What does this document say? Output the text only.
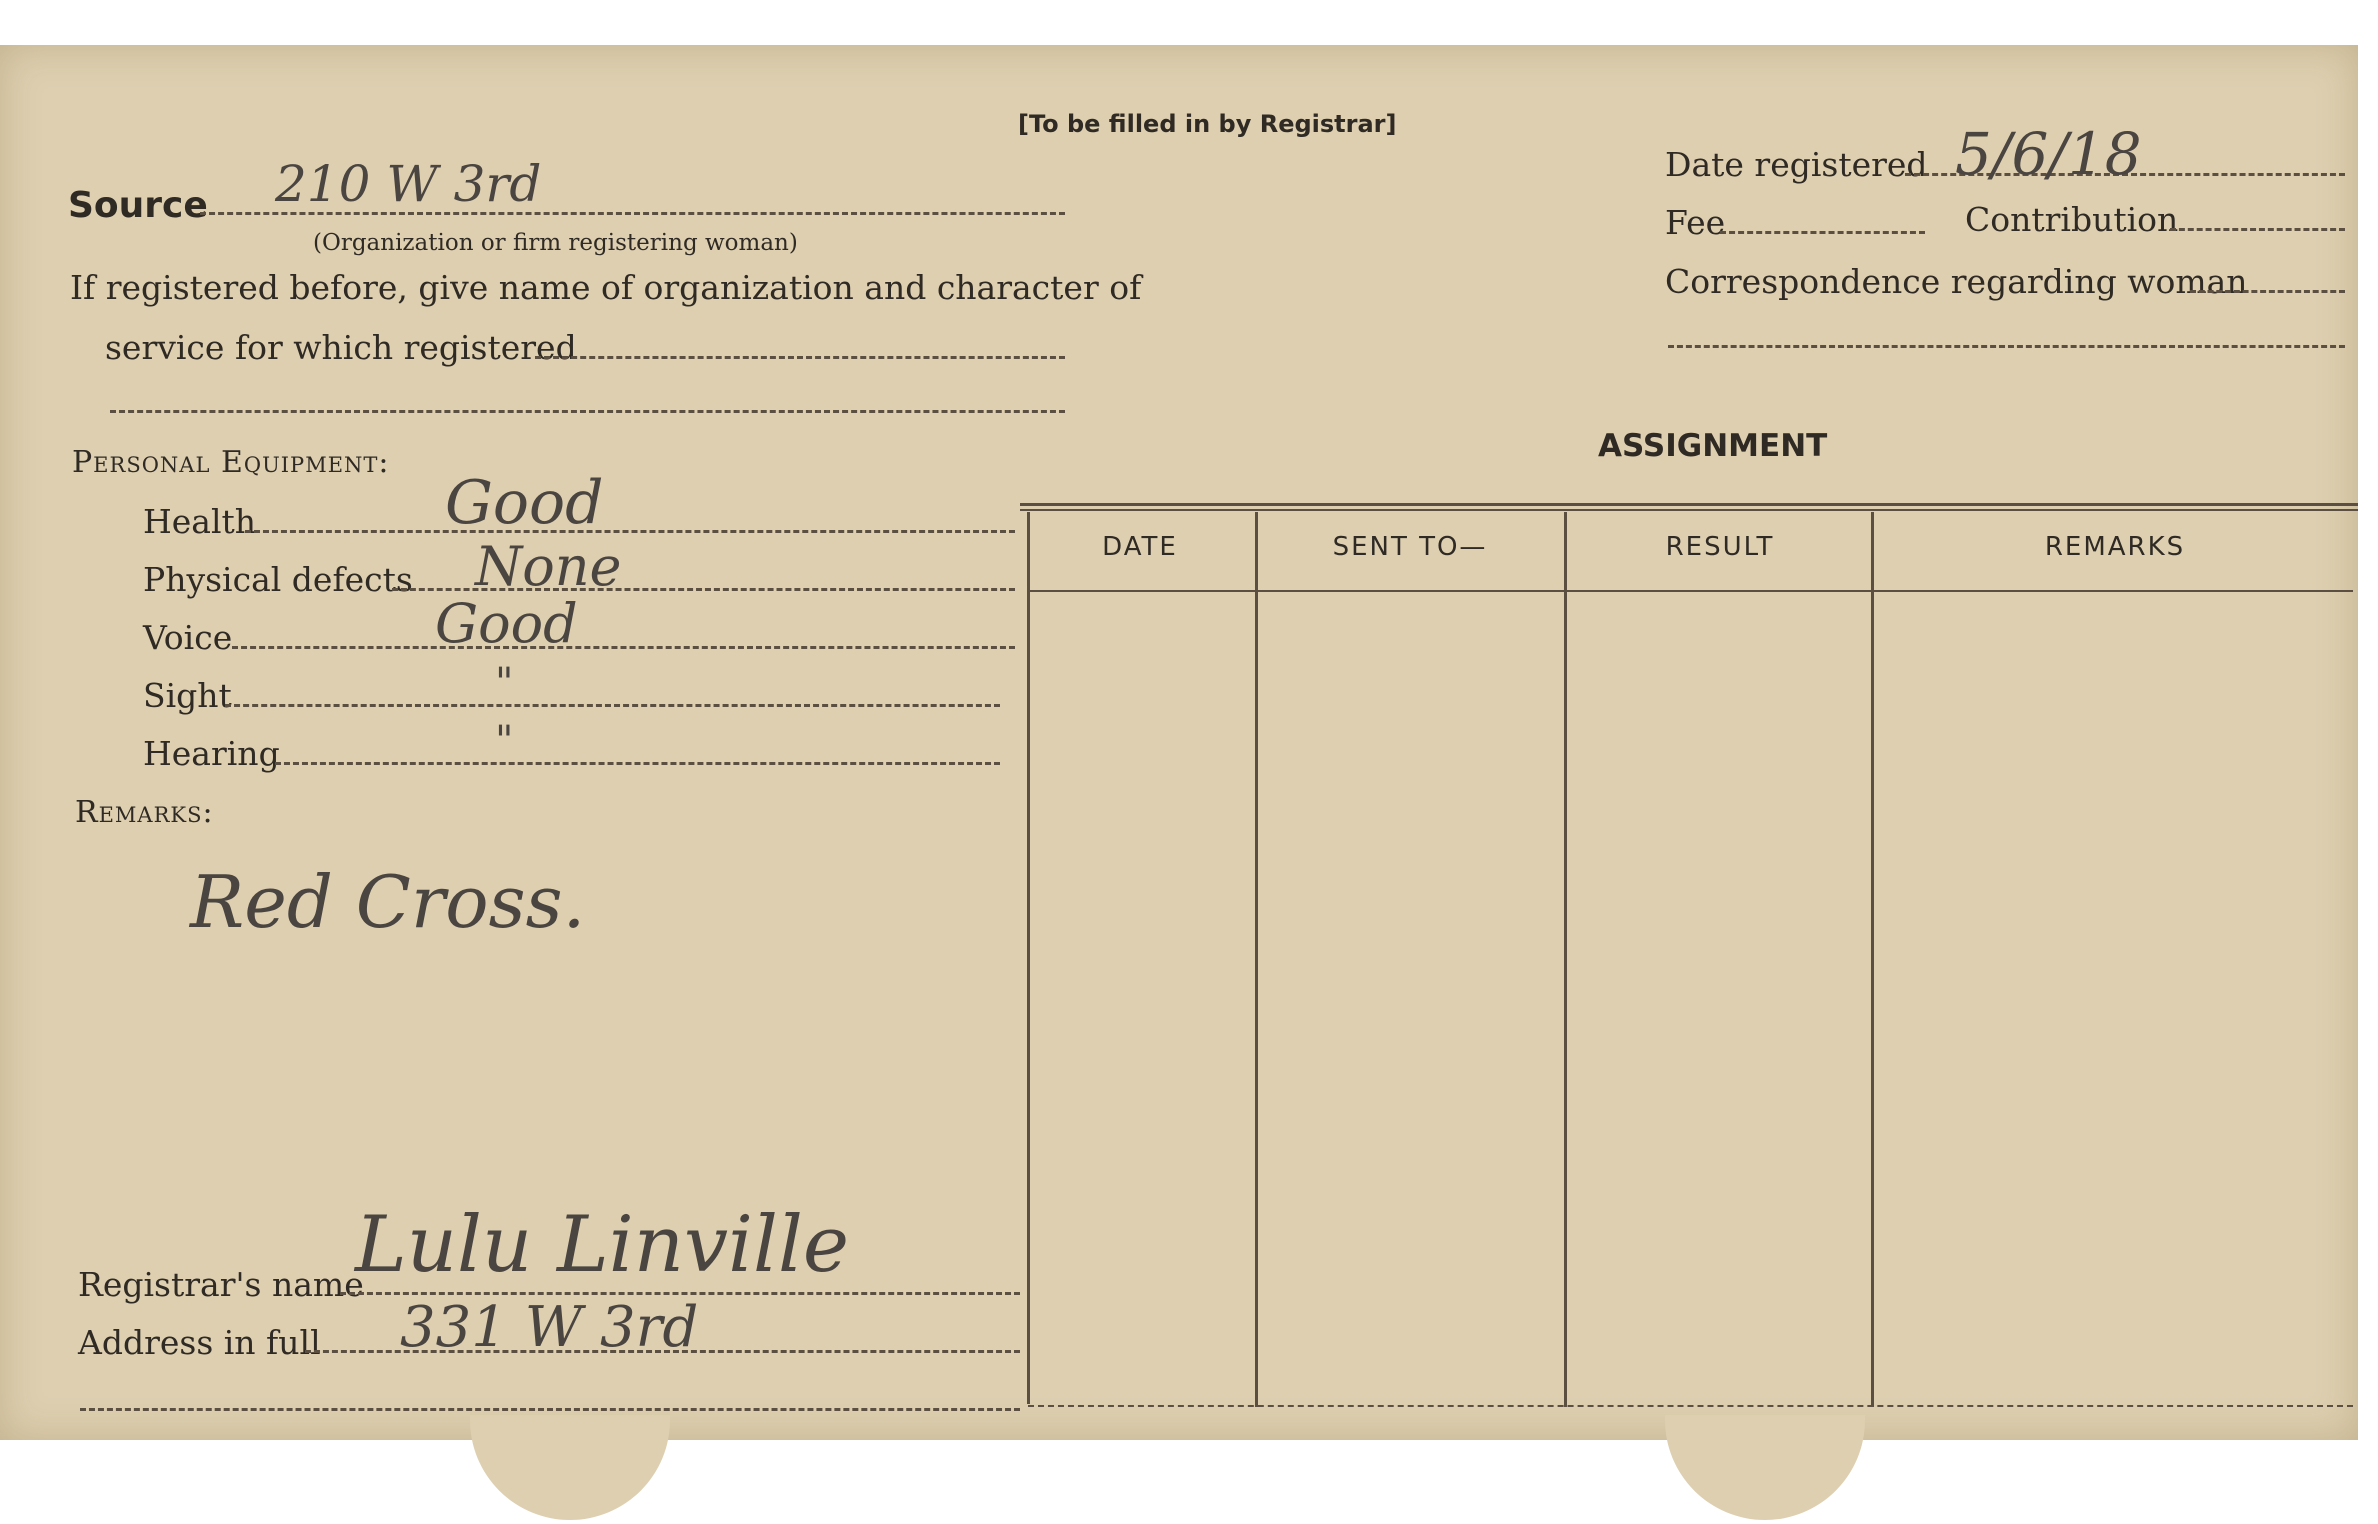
[To be filled in by Registrar]
Source 210 W 3rd
(Organization or firm registering woman)
If registered before, give name of organization and character of
service for which registered
Personal Equipment:
Health	Good
Physical defects None
Voice	Good
Sight	"
Hearing	"
Remarks:
Red Cross.
Registrar's name
Lulu Linville
Address in full 331 W 3rd
Date registered 5/6/18
Fee	Contribution
Correspondence regarding woman
ASSIGNMENT
DATE	SENT TO—	RESULT	REMARKS
